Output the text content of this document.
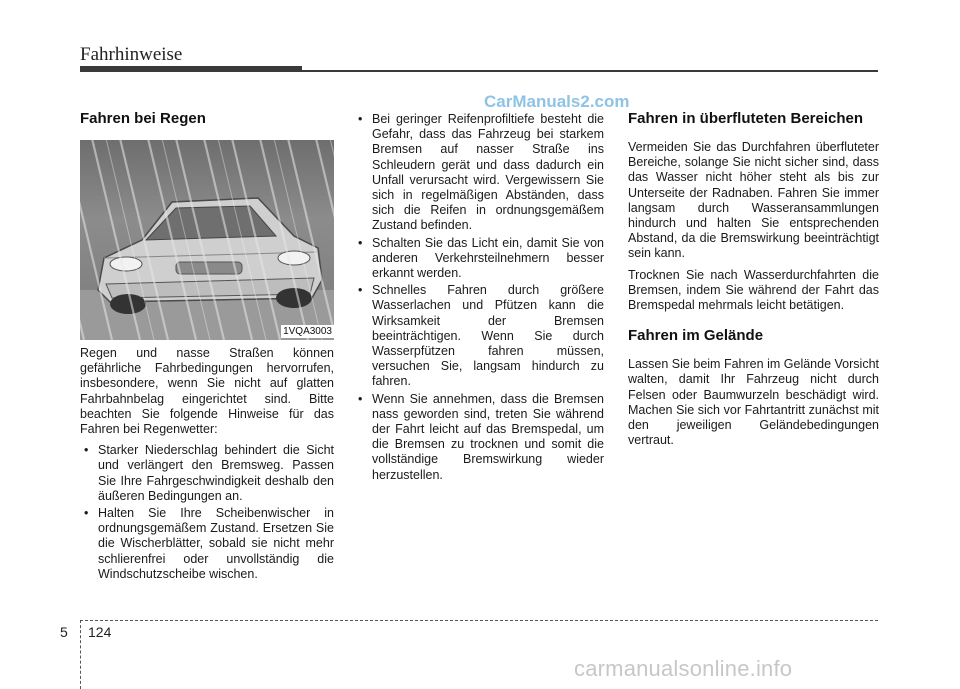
Fahrhinweise
CarManuals2.com
Fahren bei Regen
1VQA3003

Regen und nasse Straßen können gefährliche Fahrbedingungen hervorrufen, insbesondere, wenn Sie nicht auf glatten Fahrbahnbelag eingerichtet sind. Bitte beachten Sie folgende Hinweise für das Fahren bei Regenwetter:

• Starker Niederschlag behindert die Sicht und verlängert den Bremsweg. Passen Sie Ihre Fahrgeschwindigkeit deshalb den äußeren Bedingungen an.
• Halten Sie Ihre Scheibenwischer in ordnungsgemäßem Zustand. Ersetzen Sie die Wischerblätter, sobald sie nicht mehr schlierenfrei oder unvollständig die Windschutzscheibe wischen.
• Bei geringer Reifenprofiltiefe besteht die Gefahr, dass das Fahrzeug bei starkem Bremsen auf nasser Straße ins Schleudern gerät und dass dadurch ein Unfall verursacht wird. Vergewissern Sie sich in regelmäßigen Abständen, dass sich die Reifen in ordnungsgemäßem Zustand befinden.
• Schalten Sie das Licht ein, damit Sie von anderen Verkehrsteilnehmern besser erkannt werden.
• Schnelles Fahren durch größere Wasserlachen und Pfützen kann die Wirksamkeit der Bremsen beeinträchtigen. Wenn Sie durch Wasserpfützen fahren müssen, versuchen Sie, langsam hindurch zu fahren.
• Wenn Sie annehmen, dass die Bremsen nass geworden sind, treten Sie während der Fahrt leicht auf das Bremspedal, um die Bremsen zu trocknen und somit die vollständige Bremswirkung wieder herzustellen.
Fahren in überfluteten Bereichen

Vermeiden Sie das Durchfahren überfluteter Bereiche, solange Sie nicht sicher sind, dass das Wasser nicht höher steht als bis zur Unterseite der Radnaben. Fahren Sie immer langsam durch Wasseransammlungen hindurch und halten Sie entsprechenden Abstand, da die Bremswirkung beeinträchtigt sein kann.

Trocknen Sie nach Wasserdurchfahrten die Bremsen, indem Sie während der Fahrt das Bremspedal mehrmals leicht betätigen.

Fahren im Gelände

Lassen Sie beim Fahren im Gelände Vorsicht walten, damit Ihr Fahrzeug nicht durch Felsen oder Baumwurzeln beschädigt wird. Machen Sie sich vor Fahrtantritt zunächst mit den jeweiligen Geländebedingungen vertraut.

5 124
carmanualsonline.info
